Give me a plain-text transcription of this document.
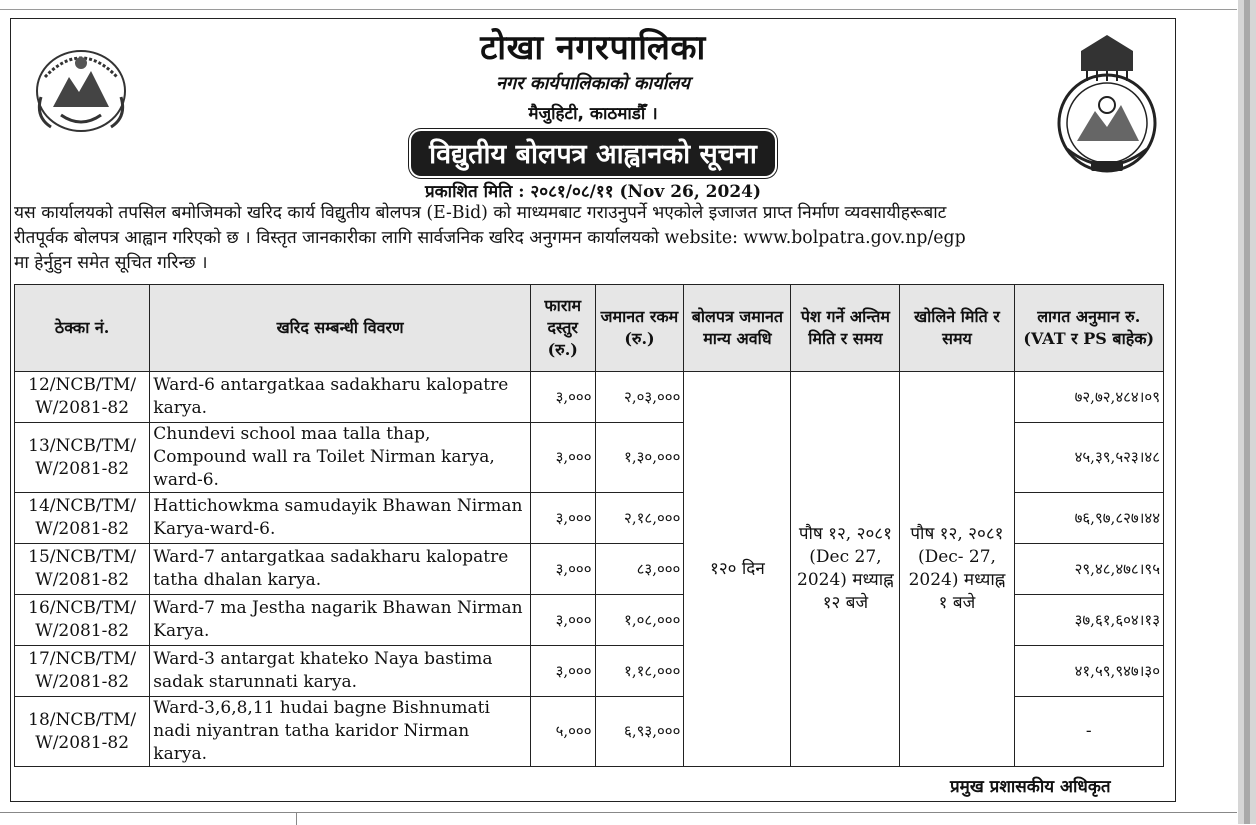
टोखा नगरपालिका
नगर कार्यपालिकाको कार्यालय
मैजुहिटी, काठमाडौँ ।
विद्युतीय बोलपत्र आह्वानको सूचना
प्रकाशित मिति : २०८१/०८/११ (Nov 26, 2024)
यस कार्यालयको तपसिल बमोजिमको खरिद कार्य विद्युतीय बोलपत्र (E-Bid) को माध्यमबाट गराउनुपर्ने भएकोले इजाजत प्राप्त निर्माण व्यवसायीहरूबाट
रीतपूर्वक बोलपत्र आह्वान गरिएको छ । विस्तृत जानकारीका लागि सार्वजनिक खरिद अनुगमन कार्यालयको website: www.bolpatra.gov.np/egp
मा हेर्नुहुन समेत सूचित गरिन्छ ।
ठेक्का नं.	खरिद सम्बन्धी विवरण	फाराम दस्तुर (रु.)	जमानत रकम (रु.)	बोलपत्र जमानत मान्य अवधि	पेश गर्ने अन्तिम मिति र समय	खोलिने मिति र समय	लागत अनुमान रु. (VAT र PS बाहेक)
12/NCB/TM/ W/2081-82	Ward-6 antargatkaa sadakharu kalopatre karya.	३,०००	२,०३,०००	१२० दिन	पौष १२, २०८१ (Dec 27, 2024) मध्याह्न १२ बजे	पौष १२, २०८१ (Dec- 27, 2024) मध्याह्न १ बजे	७२,७२,४८४।०९
13/NCB/TM/ W/2081-82	Chundevi school maa talla thap, Compound wall ra Toilet Nirman karya, ward-6.	३,०००	१,३०,०००				४५,३९,५२३।४८
14/NCB/TM/ W/2081-82	Hattichowkma samudayik Bhawan Nirman Karya-ward-6.	३,०००	२,१८,०००				७६,९७,८२७।४४
15/NCB/TM/ W/2081-82	Ward-7 antargatkaa sadakharu kalopatre tatha dhalan karya.	३,०००	८३,०००				२९,४८,४७८।९५
16/NCB/TM/ W/2081-82	Ward-7 ma Jestha nagarik Bhawan Nirman Karya.	३,०००	१,०८,०००				३७,६१,६०४।१३
17/NCB/TM/ W/2081-82	Ward-3 antargat khateko Naya bastima sadak starunnati karya.	३,०००	१,१८,०००				४१,५९,९४७।३०
18/NCB/TM/ W/2081-82	Ward-3,6,8,11 hudai bagne Bishnumati nadi niyantran tatha karidor Nirman karya.	५,०००	६,९३,०००				-
प्रमुख प्रशासकीय अधिकृत
